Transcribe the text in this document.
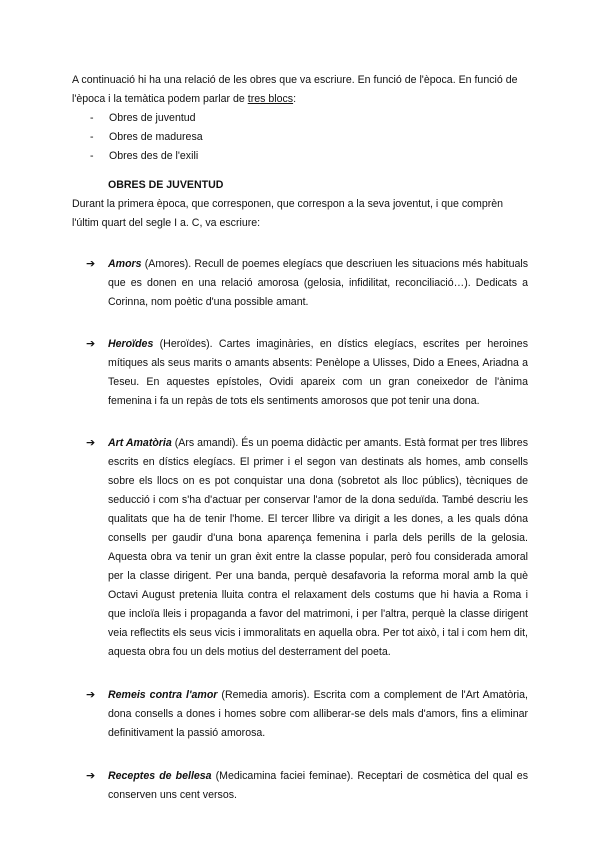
A continuació hi ha una relació de les obres que va escriure. En funció de l'època. En funció de l'època i la temàtica podem parlar de tres blocs:

- Obres de juventud
- Obres de maduresa
- Obres des de l'exili
OBRES DE JUVENTUD

Durant la primera època, que corresponen, que correspon a la seva joventut, i que comprèn l'últim quart del segle I a. C, va escriure:

➔ Amors (Amores). Recull de poemes elegíacs que descriuen les situacions més habituals que es donen en una relació amorosa (gelosia, infidilitat, reconciliació…). Dedicats a Corinna, nom poètic d'una possible amant.
➔ Heroïdes (Heroïdes). Cartes imaginàries, en dístics elegíacs, escrites per heroines mítiques als seus marits o amants absents: Penèlope a Ulisses, Dido a Enees, Ariadna a Teseu. En aquestes epístoles, Ovidi apareix com un gran coneixedor de l'ànima femenina i fa un repàs de tots els sentiments amorosos que pot tenir una dona.
➔ Art Amatòria (Ars amandi). És un poema didàctic per amants. Està format per tres llibres escrits en dístics elegíacs. El primer i el segon van destinats als homes, amb consells sobre els llocs on es pot conquistar una dona (sobretot als lloc públics), tècniques de seducció i com s'ha d'actuar per conservar l'amor de la dona seduïda. També descriu les qualitats que ha de tenir l'home. El tercer llibre va dirigit a les dones, a les quals dóna consells per gaudir d'una bona aparença femenina i parla dels perills de la gelosia. Aquesta obra va tenir un gran èxit entre la classe popular, però fou considerada amoral per la classe dirigent. Per una banda, perquè desafavoria la reforma moral amb la què Octavi August pretenia lluita contra el relaxament dels costums que hi havia a Roma i que incloïa lleis i propaganda a favor del matrimoni, i per l'altra, perquè la classe dirigent veia reflectits els seus vicis i immoralitats en aquella obra. Per tot això, i tal i com hem dit, aquesta obra fou un dels motius del desterrament del poeta.
➔ Remeis contra l'amor (Remedia amoris). Escrita com a complement de l'Art Amatòria, dona consells a dones i homes sobre com alliberar-se dels mals d'amors, fins a eliminar definitivament la passió amorosa.
➔ Receptes de bellesa (Medicamina faciei feminae). Receptari de cosmètica del qual es conserven uns cent versos.
